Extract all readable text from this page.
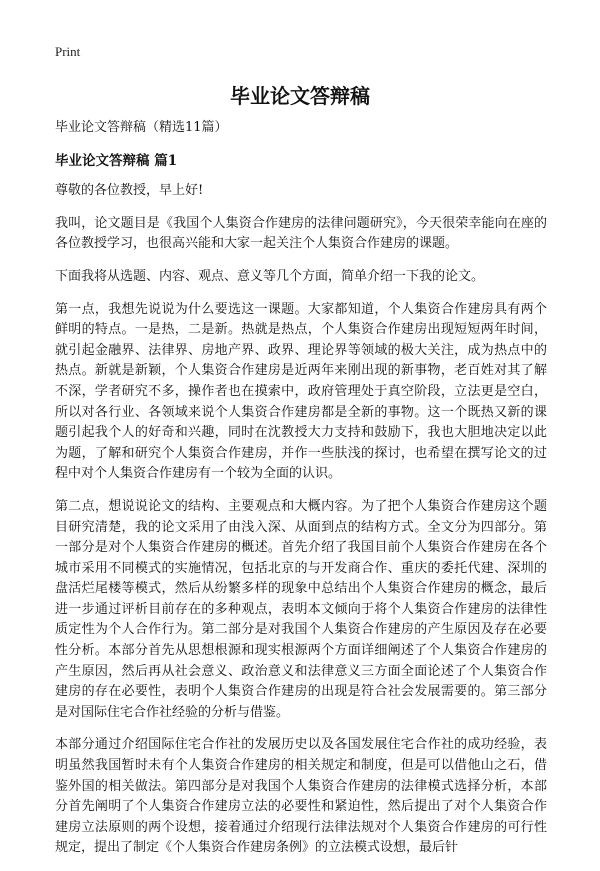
Print
毕业论文答辩稿

毕业论文答辩稿（精选11篇）

毕业论文答辩稿 篇1

尊敬的各位教授，早上好!

我叫，论文题目是《我国个人集资合作建房的法律问题研究》，今天很荣幸能向在座的各位教授学习，也很高兴能和大家一起关注个人集资合作建房的课题。

下面我将从选题、内容、观点、意义等几个方面，简单介绍一下我的论文。

第一点，我想先说说为什么要选这一课题。大家都知道，个人集资合作建房具有两个鲜明的特点。一是热，二是新。热就是热点，个人集资合作建房出现短短两年时间，就引起金融界、法律界、房地产界、政界、理论界等领域的极大关注，成为热点中的热点。新就是新颖，个人集资合作建房是近两年来刚出现的新事物，老百姓对其了解不深，学者研究不多，操作者也在摸索中，政府管理处于真空阶段，立法更是空白，所以对各行业、各领域来说个人集资合作建房都是全新的事物。这一个既热又新的课题引起我个人的好奇和兴趣，同时在沈教授大力支持和鼓励下，我也大胆地决定以此为题，了解和研究个人集资合作建房，并作一些肤浅的探讨，也希望在撰写论文的过程中对个人集资合作建房有一个较为全面的认识。

第二点，想说说论文的结构、主要观点和大概内容。为了把个人集资合作建房这个题目研究清楚，我的论文采用了由浅入深、从面到点的结构方式。全文分为四部分。第一部分是对个人集资合作建房的概述。首先介绍了我国目前个人集资合作建房在各个城市采用不同模式的实施情况，包括北京的与开发商合作、重庆的委托代建、深圳的盘活烂尾楼等模式，然后从纷繁多样的现象中总结出个人集资合作建房的概念，最后进一步通过评析目前存在的多种观点，表明本文倾向于将个人集资合作建房的法律性质定性为个人合作行为。第二部分是对我国个人集资合作建房的产生原因及存在必要性分析。本部分首先从思想根源和现实根源两个方面详细阐述了个人集资合作建房的产生原因，然后再从社会意义、政治意义和法律意义三方面全面论述了个人集资合作建房的存在必要性，表明个人集资合作建房的出现是符合社会发展需要的。第三部分是对国际住宅合作社经验的分析与借鉴。

本部分通过介绍国际住宅合作社的发展历史以及各国发展住宅合作社的成功经验，表明虽然我国暂时未有个人集资合作建房的相关规定和制度，但是可以借他山之石，借鉴外国的相关做法。第四部分是对我国个人集资合作建房的法律模式选择分析，本部分首先阐明了个人集资合作建房立法的必要性和紧迫性，然后提出了对个人集资合作建房立法原则的两个设想，接着通过介绍现行法律法规对个人集资合作建房的可行性规定，提出了制定《个人集资合作建房条例》的立法模式设想，最后针
